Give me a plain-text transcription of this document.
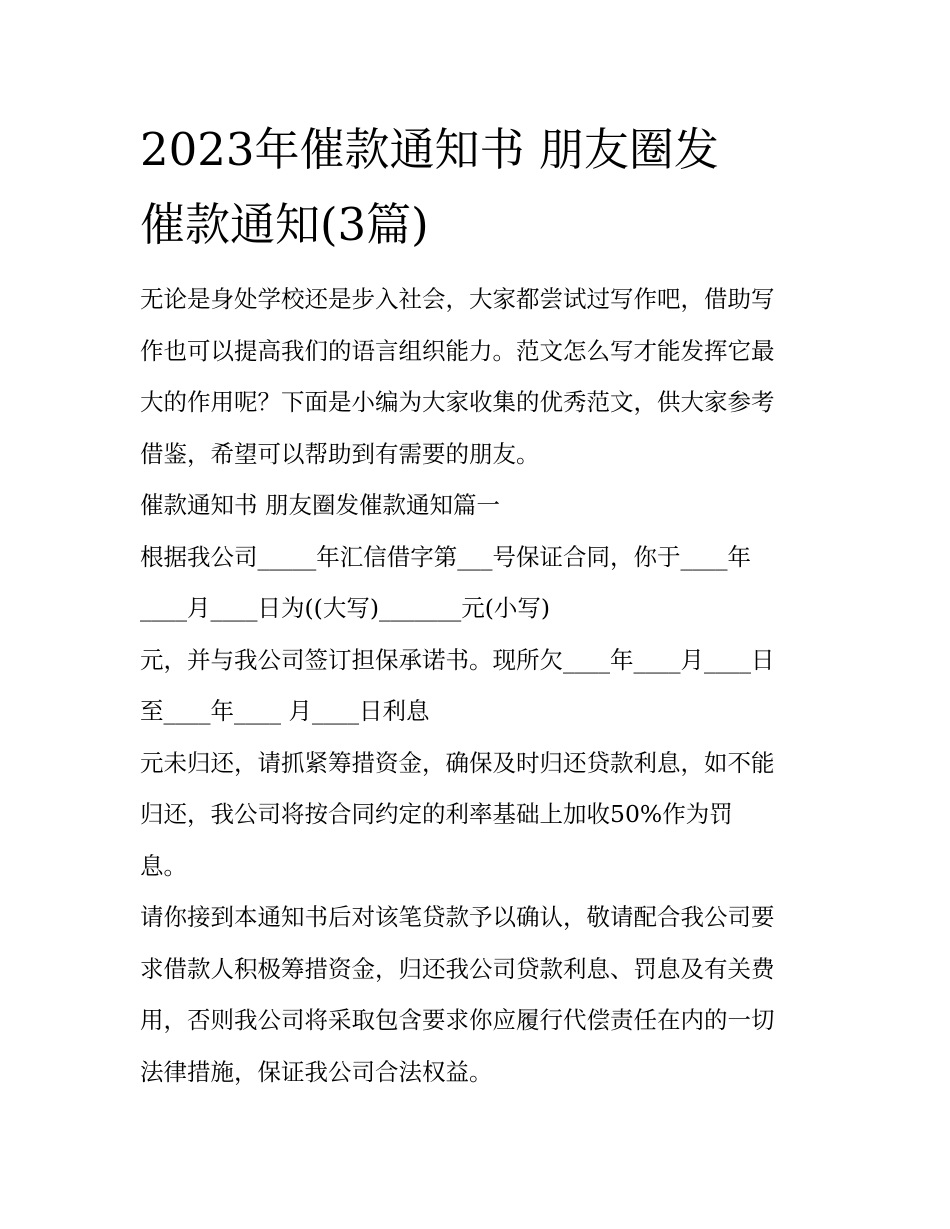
2023年催款通知书 朋友圈发
催款通知(3篇)
无论是身处学校还是步入社会，大家都尝试过写作吧，借助写
作也可以提高我们的语言组织能力。范文怎么写才能发挥它最
大的作用呢？下面是小编为大家收集的优秀范文，供大家参考
借鉴，希望可以帮助到有需要的朋友。
催款通知书 朋友圈发催款通知篇一
根据我公司_____年汇信借字第___号保证合同，你于____年
____月____日为((大写)_______元(小写)
元，并与我公司签订担保承诺书。现所欠____年____月____日
至____年____ 月____日利息
元未归还，请抓紧筹措资金，确保及时归还贷款利息，如不能
归还，我公司将按合同约定的利率基础上加收50%作为罚
息。
请你接到本通知书后对该笔贷款予以确认，敬请配合我公司要
求借款人积极筹措资金，归还我公司贷款利息、罚息及有关费
用，否则我公司将采取包含要求你应履行代偿责任在内的一切
法律措施，保证我公司合法权益。
